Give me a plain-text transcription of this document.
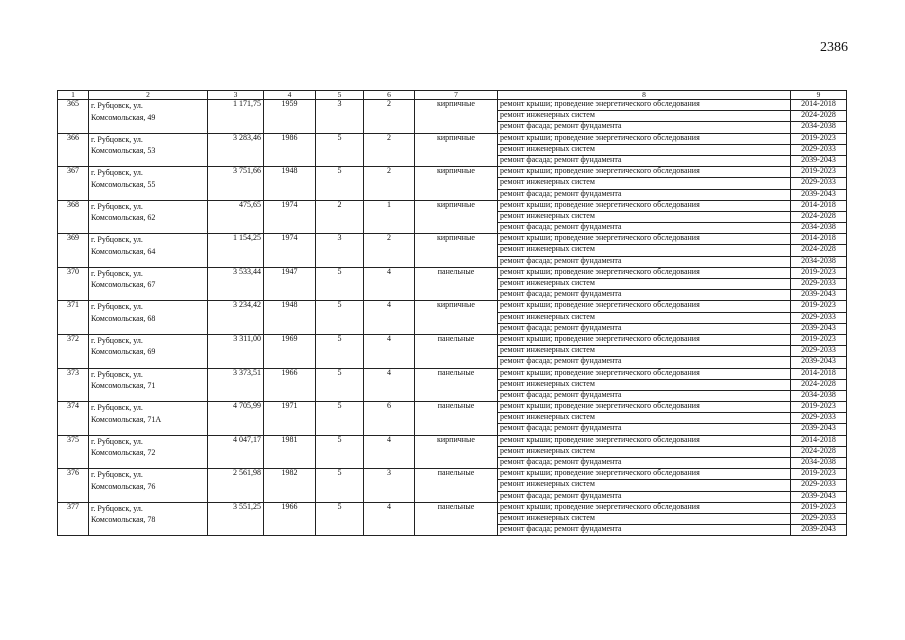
2386
1	2	3	4	5	6	7	8	9
365	г. Рубцовск, ул.
Комсомольская, 49	1 171,75	1959	3	2	кирпичные	ремонт крыши; проведение энергетического обследования	2014-2018
							ремонт инженерных систем	2024-2028
							ремонт фасада; ремонт фундамента	2034-2038
366	г. Рубцовск, ул.
Комсомольская, 53	3 283,46	1986	5	2	кирпичные	ремонт крыши; проведение энергетического обследования	2019-2023
							ремонт инженерных систем	2029-2033
							ремонт фасада; ремонт фундамента	2039-2043
367	г. Рубцовск, ул.
Комсомольская, 55	3 751,66	1948	5	2	кирпичные	ремонт крыши; проведение энергетического обследования	2019-2023
							ремонт инженерных систем	2029-2033
							ремонт фасада; ремонт фундамента	2039-2043
368	г. Рубцовск, ул.
Комсомольская, 62	475,65	1974	2	1	кирпичные	ремонт крыши; проведение энергетического обследования	2014-2018
							ремонт инженерных систем	2024-2028
							ремонт фасада; ремонт фундамента	2034-2038
369	г. Рубцовск, ул.
Комсомольская, 64	1 154,25	1974	3	2	кирпичные	ремонт крыши; проведение энергетического обследования	2014-2018
							ремонт инженерных систем	2024-2028
							ремонт фасада; ремонт фундамента	2034-2038
370	г. Рубцовск, ул.
Комсомольская, 67	3 533,44	1947	5	4	панельные	ремонт крыши; проведение энергетического обследования	2019-2023
							ремонт инженерных систем	2029-2033
							ремонт фасада; ремонт фундамента	2039-2043
371	г. Рубцовск, ул.
Комсомольская, 68	3 234,42	1948	5	4	кирпичные	ремонт крыши; проведение энергетического обследования	2019-2023
							ремонт инженерных систем	2029-2033
							ремонт фасада; ремонт фундамента	2039-2043
372	г. Рубцовск, ул.
Комсомольская, 69	3 311,00	1969	5	4	панельные	ремонт крыши; проведение энергетического обследования	2019-2023
							ремонт инженерных систем	2029-2033
							ремонт фасада; ремонт фундамента	2039-2043
373	г. Рубцовск, ул.
Комсомольская, 71	3 373,51	1966	5	4	панельные	ремонт крыши; проведение энергетического обследования	2014-2018
							ремонт инженерных систем	2024-2028
							ремонт фасада; ремонт фундамента	2034-2038
374	г. Рубцовск, ул.
Комсомольская, 71А	4 705,99	1971	5	6	панельные	ремонт крыши; проведение энергетического обследования	2019-2023
							ремонт инженерных систем	2029-2033
							ремонт фасада; ремонт фундамента	2039-2043
375	г. Рубцовск, ул.
Комсомольская, 72	4 047,17	1981	5	4	кирпичные	ремонт крыши; проведение энергетического обследования	2014-2018
							ремонт инженерных систем	2024-2028
							ремонт фасада; ремонт фундамента	2034-2038
376	г. Рубцовск, ул.
Комсомольская, 76	2 561,98	1982	5	3	панельные	ремонт крыши; проведение энергетического обследования	2019-2023
							ремонт инженерных систем	2029-2033
							ремонт фасада; ремонт фундамента	2039-2043
377	г. Рубцовск, ул.
Комсомольская, 78	3 551,25	1966	5	4	панельные	ремонт крыши; проведение энергетического обследования	2019-2023
							ремонт инженерных систем	2029-2033
							ремонт фасада; ремонт фундамента	2039-2043
